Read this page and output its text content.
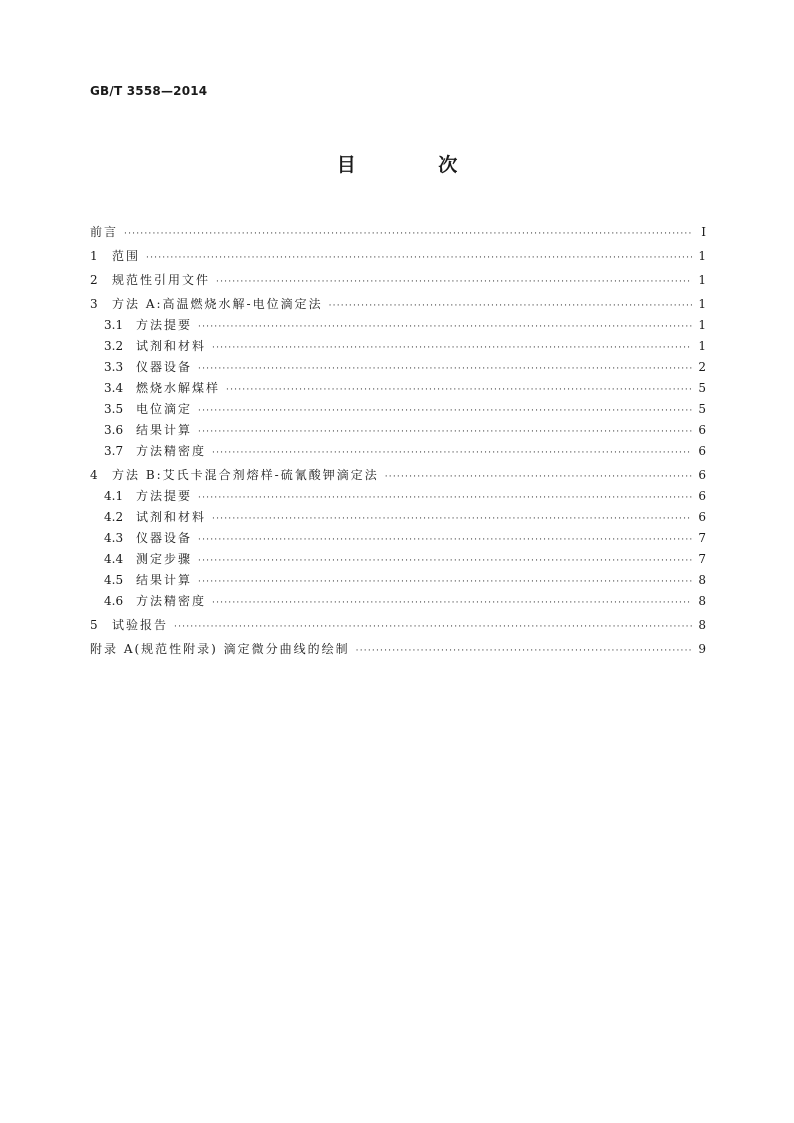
GB/T 3558—2014
目 次
前言 ·····	I
1	范围 ·····	1
2	规范性引用文件 ·····	1
3	方法 A:高温燃烧水解-电位滴定法 ·····	1
3.1	方法提要 ·····	1
3.2	试剂和材料 ·····	1
3.3	仪器设备 ·····	2
3.4	燃烧水解煤样 ·····	5
3.5	电位滴定 ·····	5
3.6	结果计算 ·····	6
3.7	方法精密度 ·····	6
4	方法 B:艾氏卡混合剂熔样-硫氰酸钾滴定法 ·····	6
4.1	方法提要 ·····	6
4.2	试剂和材料 ·····	6
4.3	仪器设备 ·····	7
4.4	测定步骤 ·····	7
4.5	结果计算 ·····	8
4.6	方法精密度 ·····	8
5	试验报告 ·····	8
附录 A(规范性附录) 滴定微分曲线的绘制 ·····	9
